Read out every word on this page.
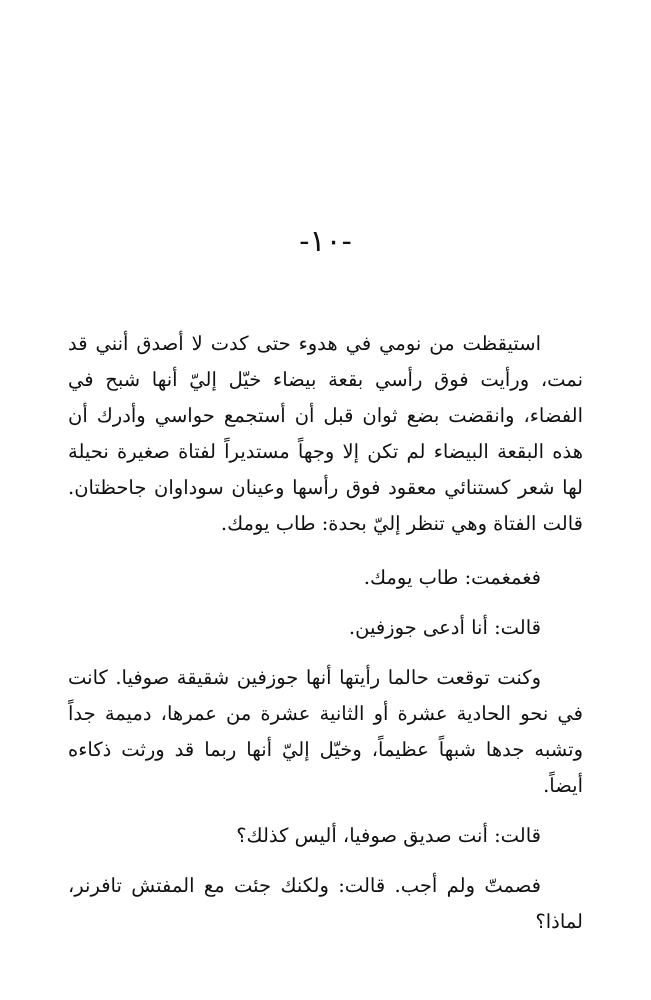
-١٠-

استيقظت من نومي في هدوء حتى كدت لا أصدق أنني قد نمت، ورأيت فوق رأسي بقعة بيضاء خيّل إليّ أنها شبح في الفضاء، وانقضت بضع ثوان قبل أن أستجمع حواسي وأدرك أن هذه البقعة البيضاء لم تكن إلا وجهاً مستديراً لفتاة صغيرة نحيلة لها شعر كستنائي معقود فوق رأسها وعينان سوداوان جاحظتان. قالت الفتاة وهي تنظر إليّ بحدة: طاب يومك.

فغمغمت: طاب يومك.

قالت: أنا أدعى جوزفين.

وكنت توقعت حالما رأيتها أنها جوزفين شقيقة صوفيا. كانت في نحو الحادية عشرة أو الثانية عشرة من عمرها، دميمة جداً وتشبه جدها شبهاً عظيماً، وخيّل إليّ أنها ربما قد ورثت ذكاءه أيضاً.

قالت: أنت صديق صوفيا، أليس كذلك؟

فصمتّ ولم أجب. قالت: ولكنك جئت مع المفتش تافرنر، لماذا؟
